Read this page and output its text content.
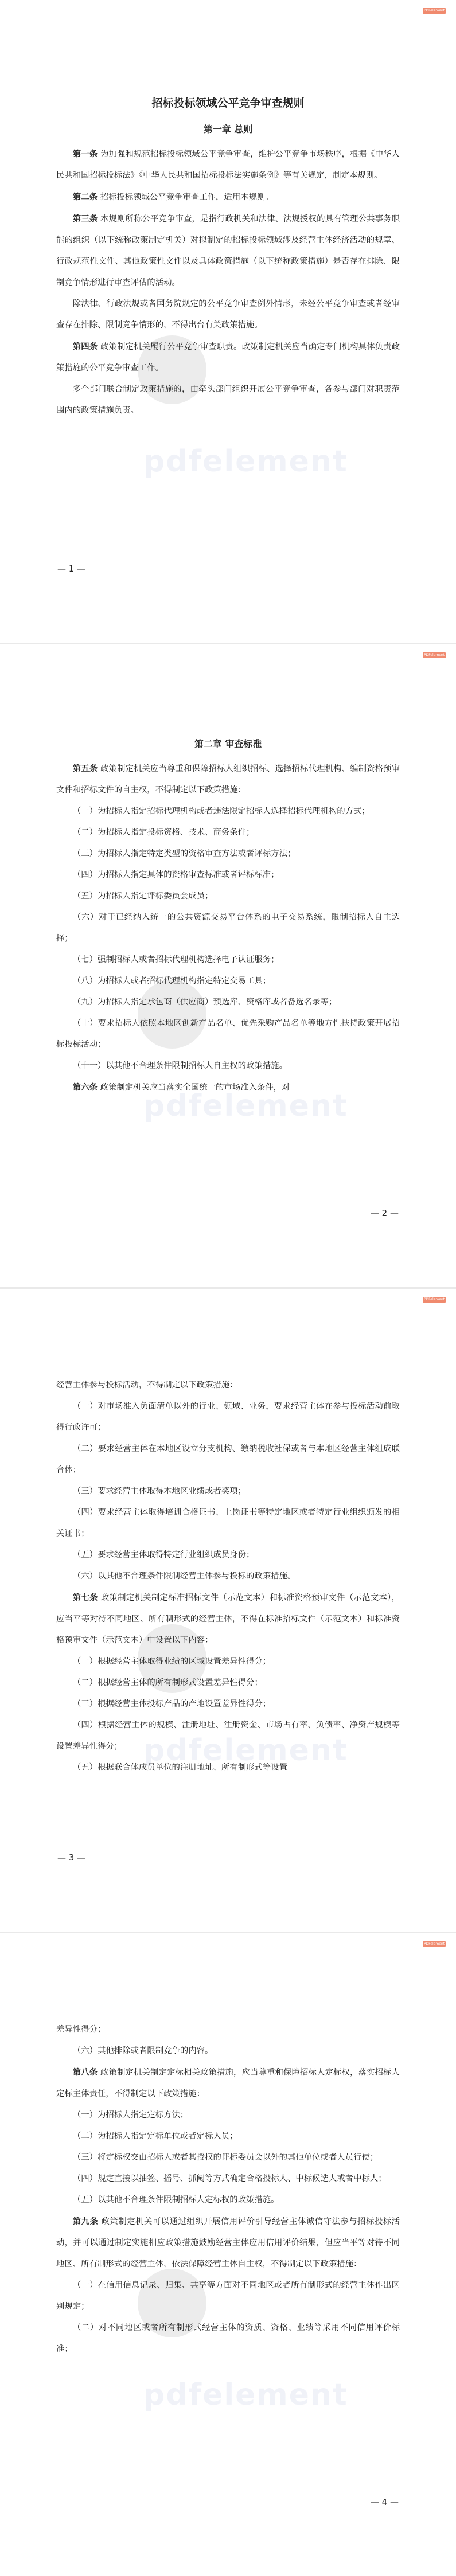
PDFelement
pdfelement
招标投标领域公平竞争审查规则
第一章 总则

第一条 为加强和规范招标投标领域公平竞争审查，维护公平竞争市场秩序，根据《中华人民共和国招标投标法》《中华人民共和国招标投标法实施条例》等有关规定，制定本规则。

第二条 招标投标领域公平竞争审查工作，适用本规则。

第三条 本规则所称公平竞争审查，是指行政机关和法律、法规授权的具有管理公共事务职能的组织（以下统称政策制定机关）对拟制定的招标投标领域涉及经营主体经济活动的规章、行政规范性文件、其他政策性文件以及具体政策措施（以下统称政策措施）是否存在排除、限制竞争情形进行审查评估的活动。

除法律、行政法规或者国务院规定的公平竞争审查例外情形，未经公平竞争审查或者经审查存在排除、限制竞争情形的，不得出台有关政策措施。

第四条 政策制定机关履行公平竞争审查职责。政策制定机关应当确定专门机构具体负责政策措施的公平竞争审查工作。

多个部门联合制定政策措施的，由牵头部门组织开展公平竞争审查，各参与部门对职责范围内的政策措施负责。

— 1 —
PDFelement
pdfelement
第二章 审查标准

第五条 政策制定机关应当尊重和保障招标人组织招标、选择招标代理机构、编制资格预审文件和招标文件的自主权，不得制定以下政策措施：

（一）为招标人指定招标代理机构或者违法限定招标人选择招标代理机构的方式；

（二）为招标人指定投标资格、技术、商务条件；

（三）为招标人指定特定类型的资格审查方法或者评标方法；

（四）为招标人指定具体的资格审查标准或者评标标准；

（五）为招标人指定评标委员会成员；

（六）对于已经纳入统一的公共资源交易平台体系的电子交易系统，限制招标人自主选择；

（七）强制招标人或者招标代理机构选择电子认证服务；

（八）为招标人或者招标代理机构指定特定交易工具；

（九）为招标人指定承包商（供应商）预选库、资格库或者备选名录等；

（十）要求招标人依照本地区创新产品名单、优先采购产品名单等地方性扶持政策开展招标投标活动；

（十一）以其他不合理条件限制招标人自主权的政策措施。

第六条 政策制定机关应当落实全国统一的市场准入条件，对

— 2 —
PDFelement
pdfelement

经营主体参与投标活动，不得制定以下政策措施：

（一）对市场准入负面清单以外的行业、领域、业务，要求经营主体在参与投标活动前取得行政许可；

（二）要求经营主体在本地区设立分支机构、缴纳税收社保或者与本地区经营主体组成联合体；

（三）要求经营主体取得本地区业绩或者奖项；

（四）要求经营主体取得培训合格证书、上岗证书等特定地区或者特定行业组织颁发的相关证书；

（五）要求经营主体取得特定行业组织成员身份；

（六）以其他不合理条件限制经营主体参与投标的政策措施。

第七条 政策制定机关制定标准招标文件（示范文本）和标准资格预审文件（示范文本），应当平等对待不同地区、所有制形式的经营主体，不得在标准招标文件（示范文本）和标准资格预审文件（示范文本）中设置以下内容：

（一）根据经营主体取得业绩的区域设置差异性得分；

（二）根据经营主体的所有制形式设置差异性得分；

（三）根据经营主体投标产品的产地设置差异性得分；

（四）根据经营主体的规模、注册地址、注册资金、市场占有率、负债率、净资产规模等设置差异性得分；

（五）根据联合体成员单位的注册地址、所有制形式等设置

— 3 —
PDFelement
pdfelement

差异性得分；

（六）其他排除或者限制竞争的内容。

第八条 政策制定机关制定定标相关政策措施，应当尊重和保障招标人定标权，落实招标人定标主体责任，不得制定以下政策措施：

（一）为招标人指定定标方法；

（二）为招标人指定定标单位或者定标人员；

（三）将定标权交由招标人或者其授权的评标委员会以外的其他单位或者人员行使；

（四）规定直接以抽签、摇号、抓阄等方式确定合格投标人、中标候选人或者中标人；

（五）以其他不合理条件限制招标人定标权的政策措施。

第九条 政策制定机关可以通过组织开展信用评价引导经营主体诚信守法参与招标投标活动，并可以通过制定实施相应政策措施鼓励经营主体应用信用评价结果，但应当平等对待不同地区、所有制形式的经营主体，依法保障经营主体自主权，不得制定以下政策措施：

（一）在信用信息记录、归集、共享等方面对不同地区或者所有制形式的经营主体作出区别规定；

（二）对不同地区或者所有制形式经营主体的资质、资格、业绩等采用不同信用评价标准；

— 4 —
